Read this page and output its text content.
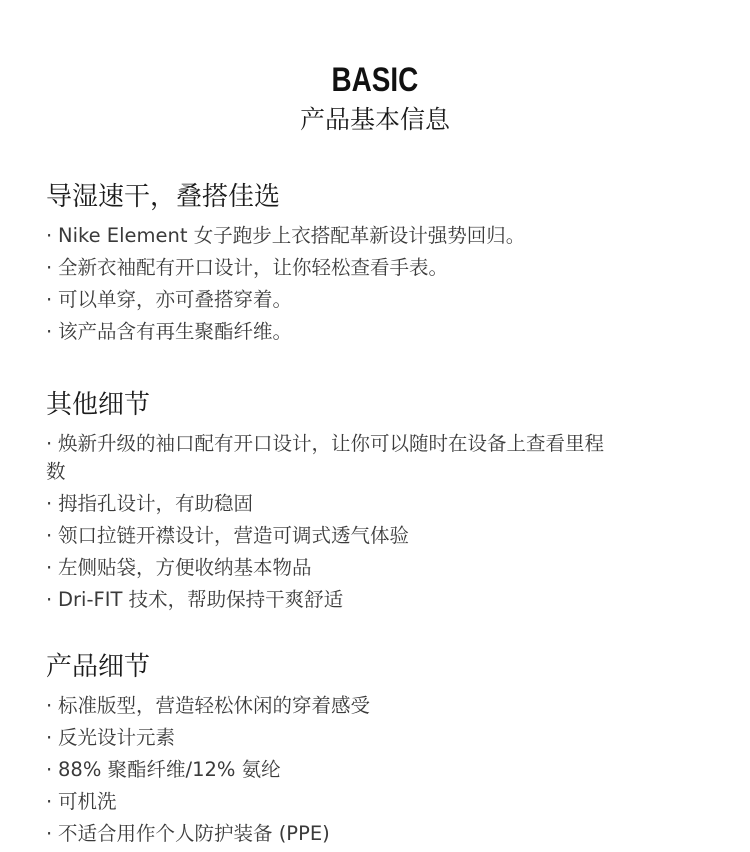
BASIC
产品基本信息
导湿速干，叠搭佳选
· Nike Element 女子跑步上衣搭配革新设计强势回归。
· 全新衣袖配有开口设计，让你轻松查看手表。
· 可以单穿，亦可叠搭穿着。
· 该产品含有再生聚酯纤维。
其他细节
· 焕新升级的袖口配有开口设计，让你可以随时在设备上查看里程
数
· 拇指孔设计，有助稳固
· 领口拉链开襟设计，营造可调式透气体验
· 左侧贴袋，方便收纳基本物品
· Dri-FIT 技术，帮助保持干爽舒适
产品细节
· 标准版型，营造轻松休闲的穿着感受
· 反光设计元素
· 88% 聚酯纤维/12% 氨纶
· 可机洗
· 不适合用作个人防护装备 (PPE)
